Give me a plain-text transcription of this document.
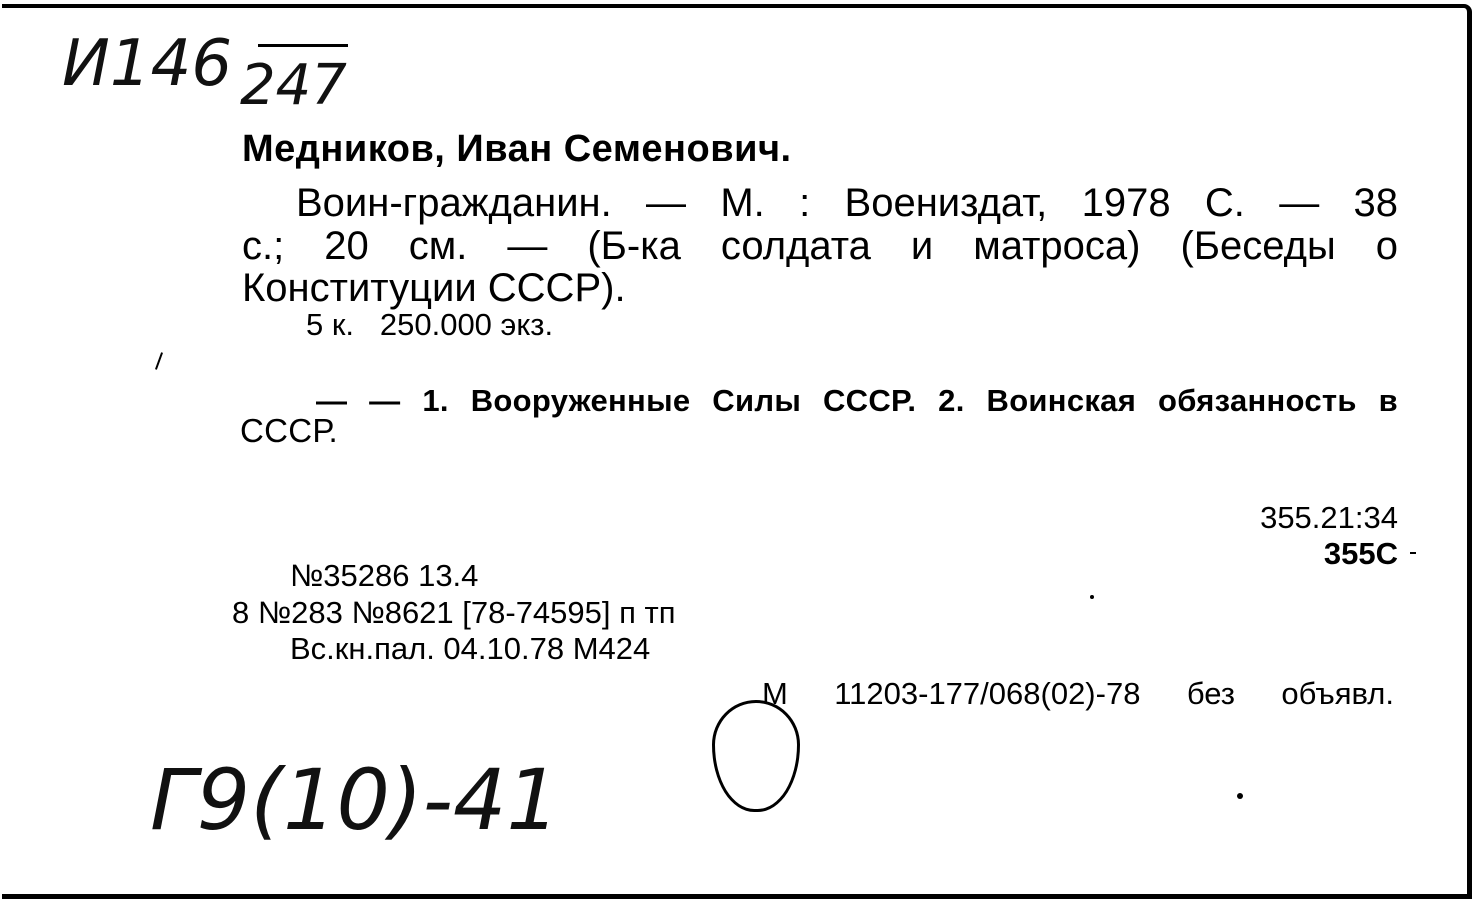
И146 247
Медников, Иван Семенович.
Воин-гражданин. — М. : Воениздат, 1978 С. — 38
с.; 20 см. — (Б-ка солдата и матроса) (Беседы о
Конституции СССР).
5 к.   250.000 экз.
— — 1. Вооруженные Силы СССР. 2. Воинская обязанность в
СССР.
355.21:34
355С
№35286 13.4
8 №283 №8621 [78-74595] п тп
Вс.кн.пал. 04.10.78 М424
М 11203-177/068(02)-78 без объявл.
Г9(10)-41
